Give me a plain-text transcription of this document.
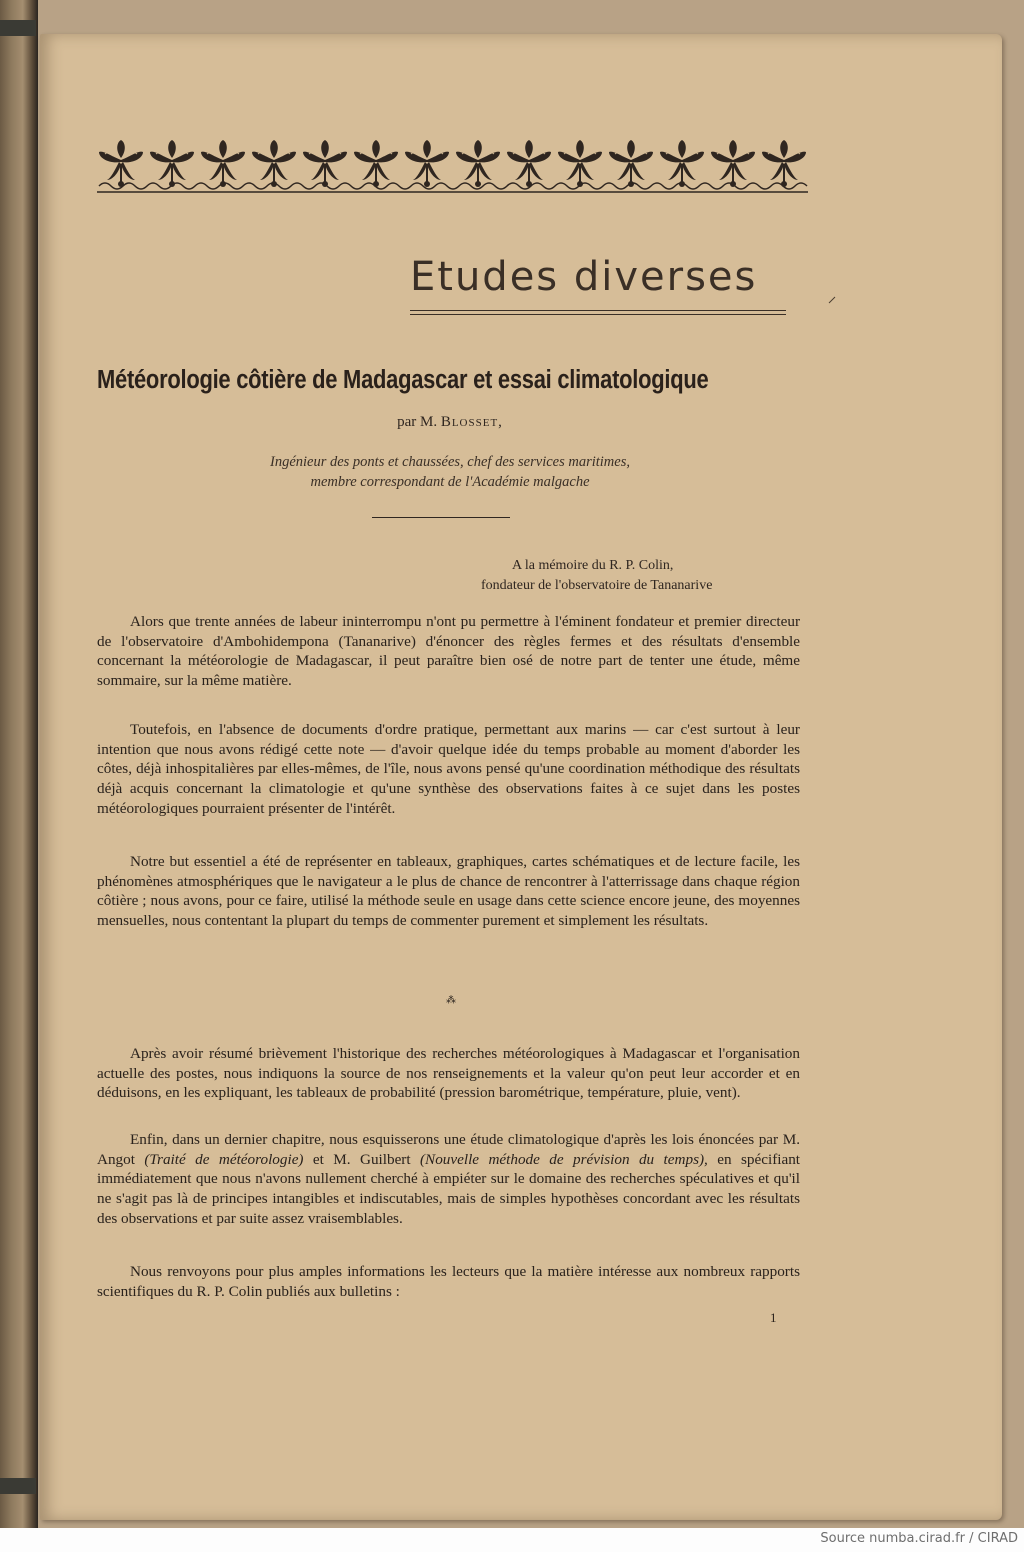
Etudes diverses
Météorologie côtière de Madagascar et essai climatologique
par M. Blosset,
Ingénieur des ponts et chaussées, chef des services maritimes,
membre correspondant de l'Académie malgache

A la mémoire du R. P. Colin,

fondateur de l'observatoire de Tananarive

Alors que trente années de labeur ininterrompu n'ont pu permettre à l'éminent fondateur et premier directeur de l'observatoire d'Ambohidempona (Tananarive) d'énoncer des règles fermes et des résultats d'ensemble concernant la météorologie de Madagascar, il peut paraître bien osé de notre part de tenter une étude, même sommaire, sur la même matière.

Toutefois, en l'absence de documents d'ordre pratique, permettant aux marins — car c'est surtout à leur intention que nous avons rédigé cette note — d'avoir quelque idée du temps probable au moment d'aborder les côtes, déjà inhospitalières par elles-mêmes, de l'île, nous avons pensé qu'une coordination méthodique des résultats déjà acquis concernant la climatologie et qu'une synthèse des observations faites à ce sujet dans les postes météorologiques pourraient présenter de l'intérêt.

Notre but essentiel a été de représenter en tableaux, graphiques, cartes schématiques et de lecture facile, les phénomènes atmosphériques que le navigateur a le plus de chance de rencontrer à l'atterrissage dans chaque région côtière ; nous avons, pour ce faire, utilisé la méthode seule en usage dans cette science encore jeune, des moyennes mensuelles, nous contentant la plupart du temps de commenter purement et simplement les résultats.

⁂

Après avoir résumé brièvement l'historique des recherches météorologiques à Madagascar et l'organisation actuelle des postes, nous indiquons la source de nos renseignements et la valeur qu'on peut leur accorder et en déduisons, en les expliquant, les tableaux de probabilité (pression barométrique, température, pluie, vent).

Enfin, dans un dernier chapitre, nous esquisserons une étude climatologique d'après les lois énoncées par M. Angot (Traité de météorologie) et M. Guilbert (Nouvelle méthode de prévision du temps), en spécifiant immédiatement que nous n'avons nullement cherché à empiéter sur le domaine des recherches spéculatives et qu'il ne s'agit pas là de principes intangibles et indiscutables, mais de simples hypothèses concordant avec les résultats des observations et par suite assez vraisemblables.

Nous renvoyons pour plus amples informations les lecteurs que la matière intéresse aux nombreux rapports scientifiques du R. P. Colin publiés aux bulletins :

1
Source numba.cirad.fr / CIRAD
